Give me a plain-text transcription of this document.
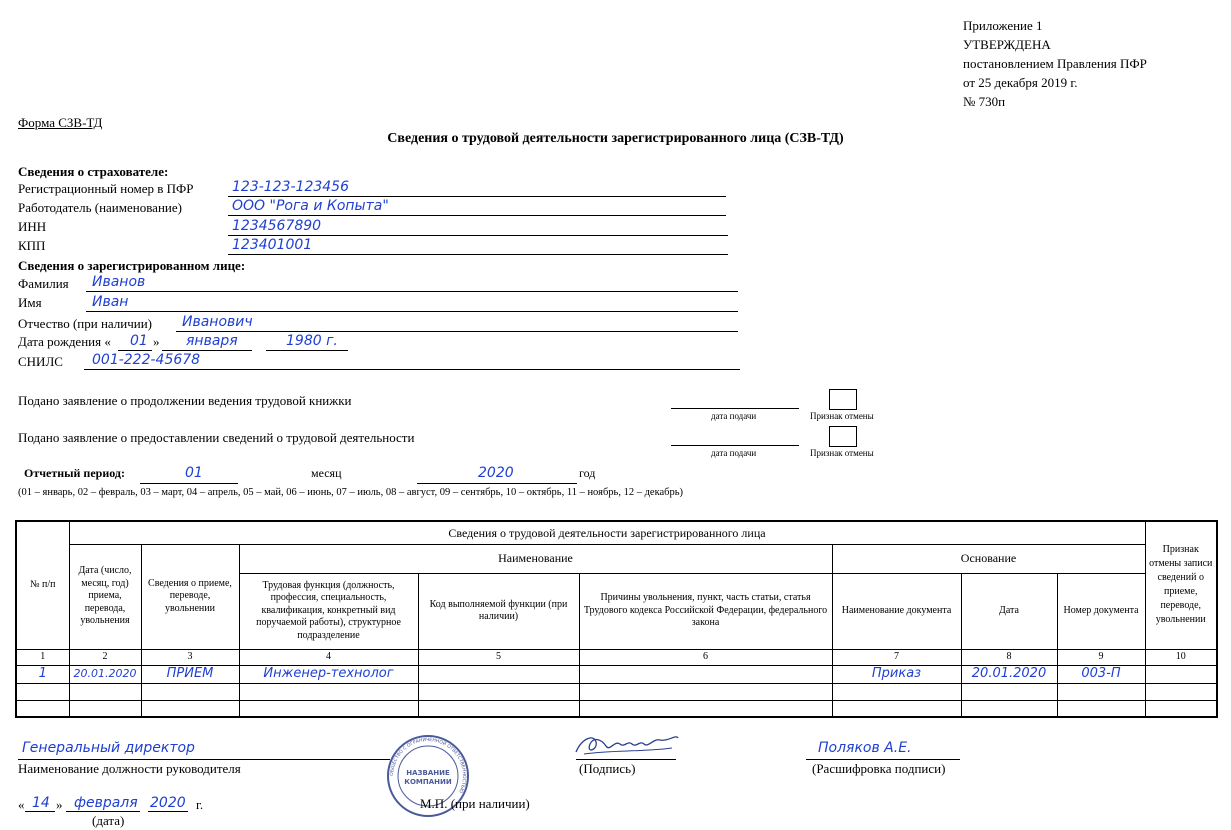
Приложение 1
УТВЕРЖДЕНА
постановлением Правления ПФР
от 25 декабря 2019 г.
№ 730п
Форма СЗВ-ТД
Сведения о трудовой деятельности зарегистрированного лица (СЗВ-ТД)
Сведения о страхователе:
Регистрационный номер в ПФР	123-123-123456
Работодатель (наименование)	ООО "Рога и Копыта"
ИНН	1234567890
КПП	123401001
Сведения о зарегистрированном лице:
Фамилия Иванов
Имя	Иван
Отчество (при наличии) Иванович
Дата рождения « 01 » января	1980 г.
СНИЛС 001-222-45678
Подано заявление о продолжении ведения трудовой книжки
дата подачи	Признак отмены
Подано заявление о предоставлении сведений о трудовой деятельности
дата подачи	Признак отмены
Отчетный период:	01	месяц	2020	год
(01 – январь, 02 – февраль, 03 – март, 04 – апрель, 05 – май, 06 – июнь, 07 – июль, 08 – август, 09 – сентябрь, 10 – октябрь, 11 – ноябрь, 12 – декабрь)
№ п/п	Сведения о трудовой деятельности зарегистрированного лица								Признак отмены записи сведений о приеме, переводе, увольнении
	Дата (число, месяц, год) приема, перевода, увольнения	Сведения о приеме, переводе, увольнении	Наименование			Основание			
			Трудовая функция (должность, профессия, специальность, квалификация, конкретный вид поручаемой работы), структурное подразделение	Код выполняемой функции (при наличии)	Причины увольнения, пункт, часть статьи, статья Трудового кодекса Российской Федерации, федерального закона	Наименование документа	Дата	Номер документа	
1	2	3	4	5	6	7	8	9	10
1	20.01.2020	ПРИЕМ	Инженер-технолог			Приказ	20.01.2020	003-П	

Генеральный директор
Наименование должности руководителя	ОБЩЕСТВО С ОГРАНИЧЕННОЙ ОТВЕТСТВЕННОСТЬЮ
НАЗВАНИЕ
КОМПАНИИ
(Подпись)
Поляков А.Е.
(Расшифровка подписи)
М.П. (при наличии)
« 14 » февраля 2020 г.
(дата)
